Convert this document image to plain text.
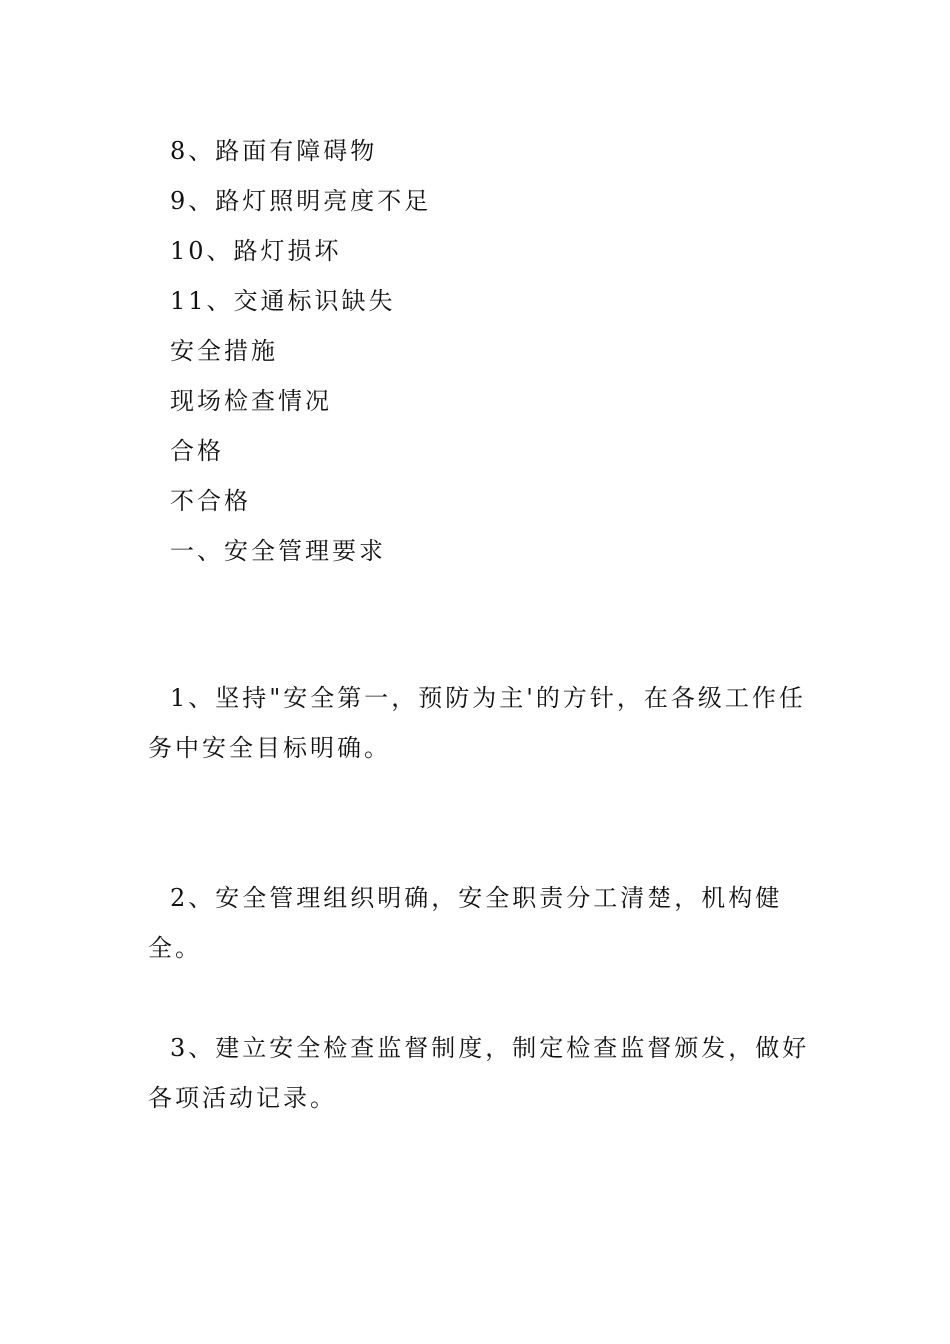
8、路面有障碍物
9、路灯照明亮度不足
10、路灯损坏
11、交通标识缺失
安全措施
现场检查情况
合格
不合格
一、安全管理要求
1、坚持"安全第一，预防为主'的方针，在各级工作任务中安全目标明确。
2、安全管理组织明确，安全职责分工清楚，机构健全。
3、建立安全检查监督制度，制定检查监督颁发，做好各项活动记录。
